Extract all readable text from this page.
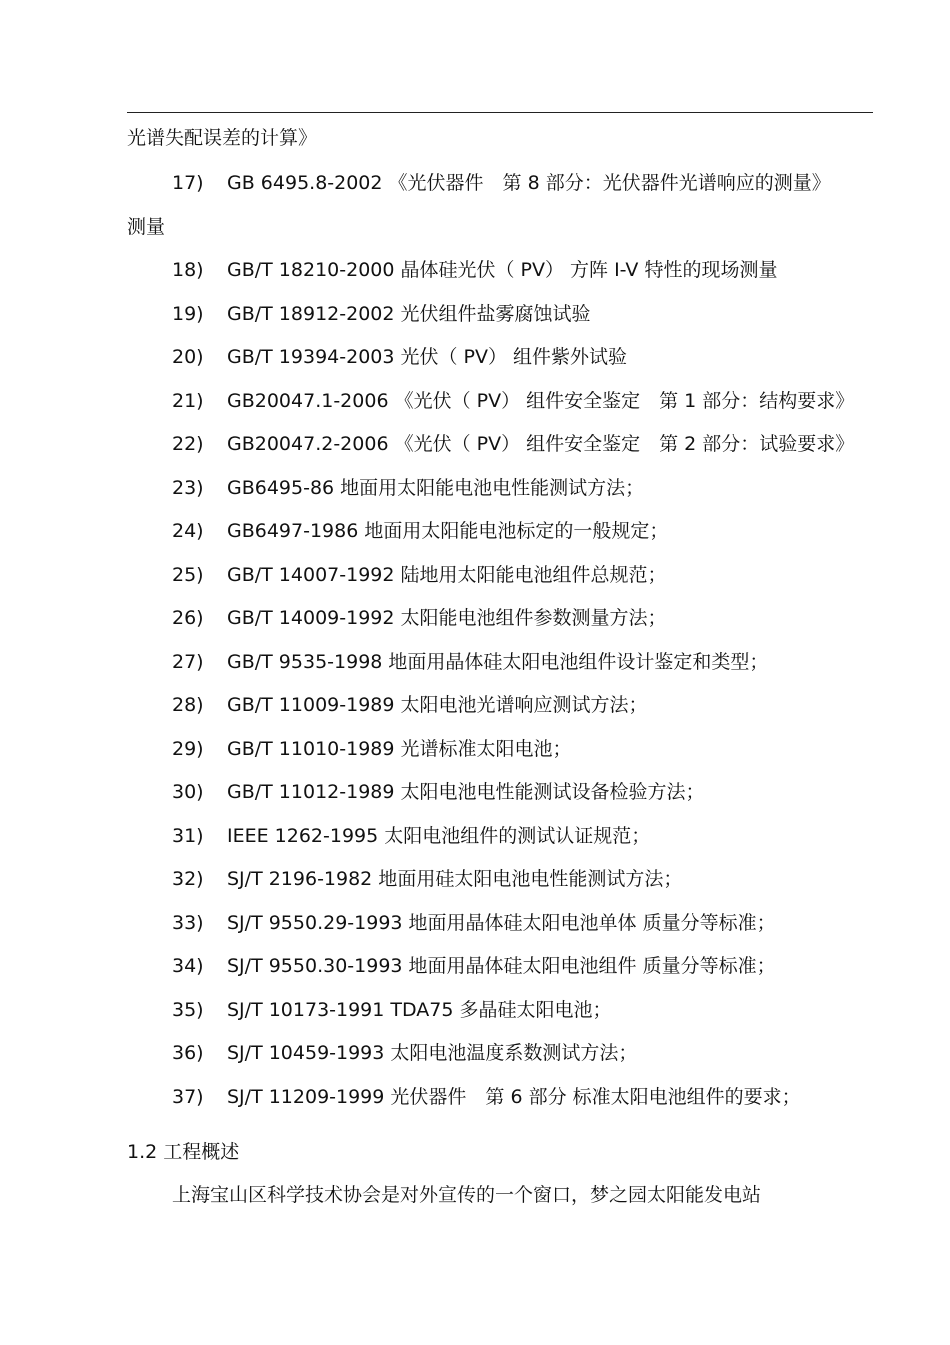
光谱失配误差的计算》
17) GB 6495.8-2002 《光伏器件　第 8 部分：光伏器件光谱响应的测量》
测量
18) GB/T 18210-2000 晶体硅光伏（ PV） 方阵 I-V 特性的现场测量
19) GB/T 18912-2002 光伏组件盐雾腐蚀试验
20) GB/T 19394-2003 光伏（ PV） 组件紫外试验
21) GB20047.1-2006 《光伏（ PV） 组件安全鉴定　第 1 部分：结构要求》
22) GB20047.2-2006 《光伏（ PV） 组件安全鉴定　第 2 部分：试验要求》
23) GB6495-86 地面用太阳能电池电性能测试方法；
24) GB6497-1986 地面用太阳能电池标定的一般规定；
25) GB/T 14007-1992 陆地用太阳能电池组件总规范；
26) GB/T 14009-1992 太阳能电池组件参数测量方法；
27) GB/T 9535-1998 地面用晶体硅太阳电池组件设计鉴定和类型；
28) GB/T 11009-1989 太阳电池光谱响应测试方法；
29) GB/T 11010-1989 光谱标准太阳电池；
30) GB/T 11012-1989 太阳电池电性能测试设备检验方法；
31) IEEE 1262-1995 太阳电池组件的测试认证规范；
32) SJ/T 2196-1982 地面用硅太阳电池电性能测试方法；
33) SJ/T 9550.29-1993 地面用晶体硅太阳电池单体 质量分等标准；
34) SJ/T 9550.30-1993 地面用晶体硅太阳电池组件 质量分等标准；
35) SJ/T 10173-1991 TDA75 多晶硅太阳电池；
36) SJ/T 10459-1993 太阳电池温度系数测试方法；
37) SJ/T 11209-1999 光伏器件　第 6 部分 标准太阳电池组件的要求；
1.2 工程概述
上海宝山区科学技术协会是对外宣传的一个窗口，梦之园太阳能发电站
